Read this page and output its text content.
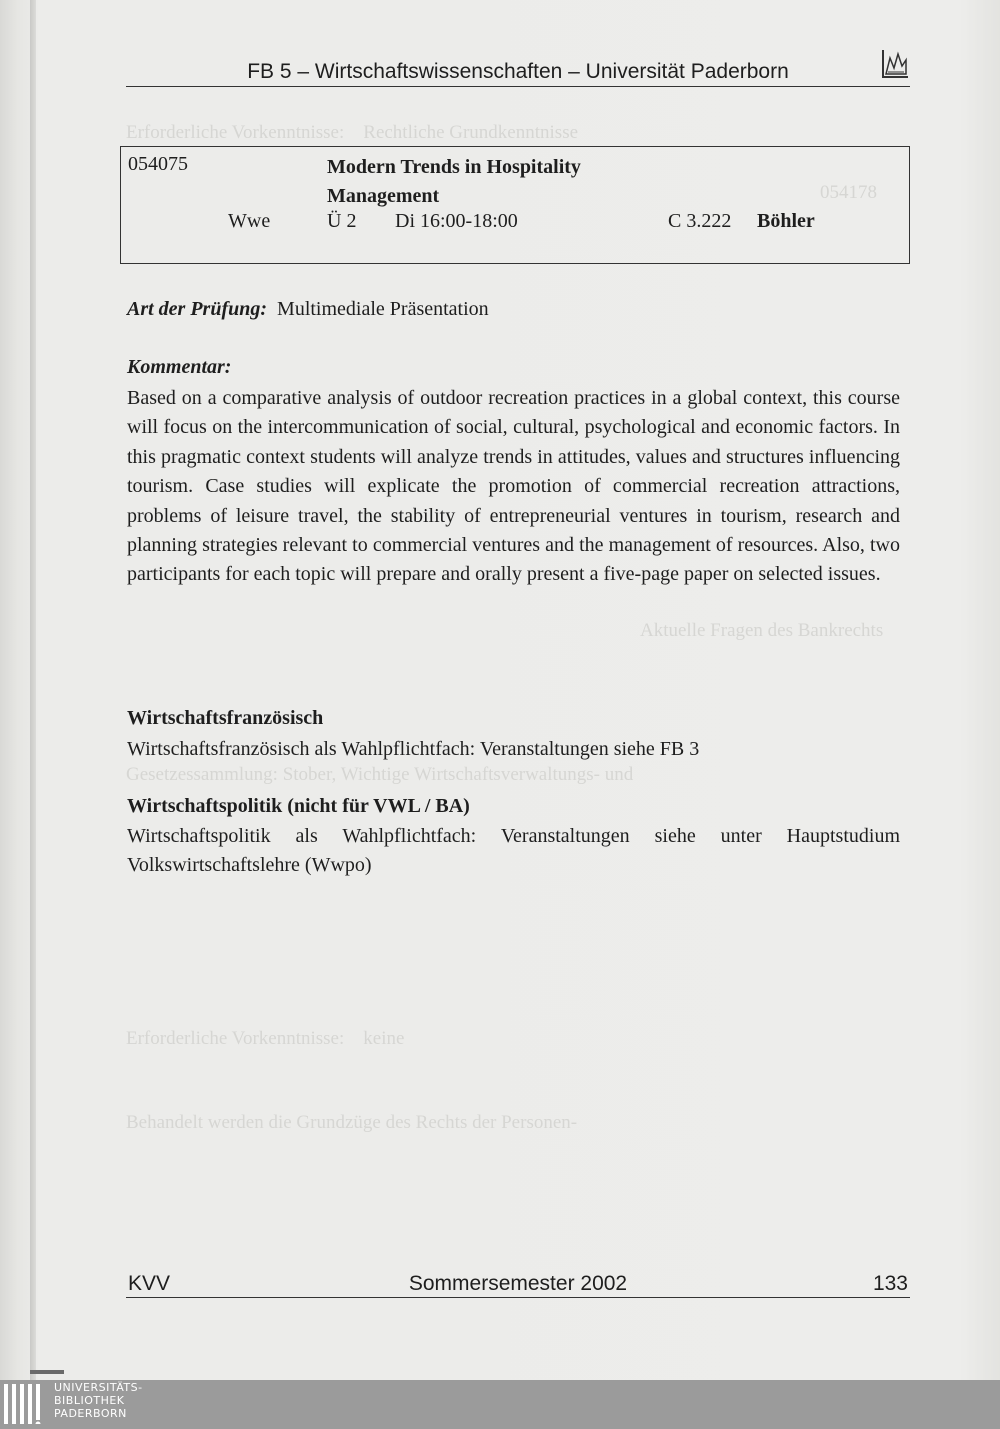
Erforderliche Vorkenntnisse:    Rechtliche Grundkenntnisse
054178
Aktuelle Fragen des Bankrechts
Gesetzessammlung: Stober, Wichtige Wirtschaftsverwaltungs- und
Erforderliche Vorkenntnisse:    keine
Behandelt werden die Grundzüge des Rechts der Personen-
FB 5 – Wirtschaftswissenschaften – Universität Paderborn
054075	Modern Trends in Hospitality
Management
Wwe	Ü 2 Di 16:00-18:00	C 3.222 Böhler
Art der Prüfung: Multimediale Präsentation
Kommentar:
Based on a comparative analysis of outdoor recreation practices in a global context, this course will focus on the intercommunication of social, cultural, psychological and economic factors. In this pragmatic context students will analyze trends in attitudes, values and structures influencing tourism. Case studies will explicate the promotion of commercial recreation attractions, problems of leisure travel, the stability of entrepreneurial ventures in tourism, research and planning strategies relevant to commercial ventures and the management of resources. Also, two participants for each topic will prepare and orally present a five-page paper on selected issues.
Wirtschaftsfranzösisch
Wirtschaftsfranzösisch als Wahlpflichtfach: Veranstaltungen siehe FB 3
Wirtschaftspolitik (nicht für VWL / BA)
Wirtschaftspolitik als Wahlpflichtfach: Veranstaltungen siehe unter Hauptstudium Volkswirtschaftslehre (Wwpo)
KVV	Sommersemester 2002	133
UNIVERSITÄTS-
BIBLIOTHEK
PADERBORN
